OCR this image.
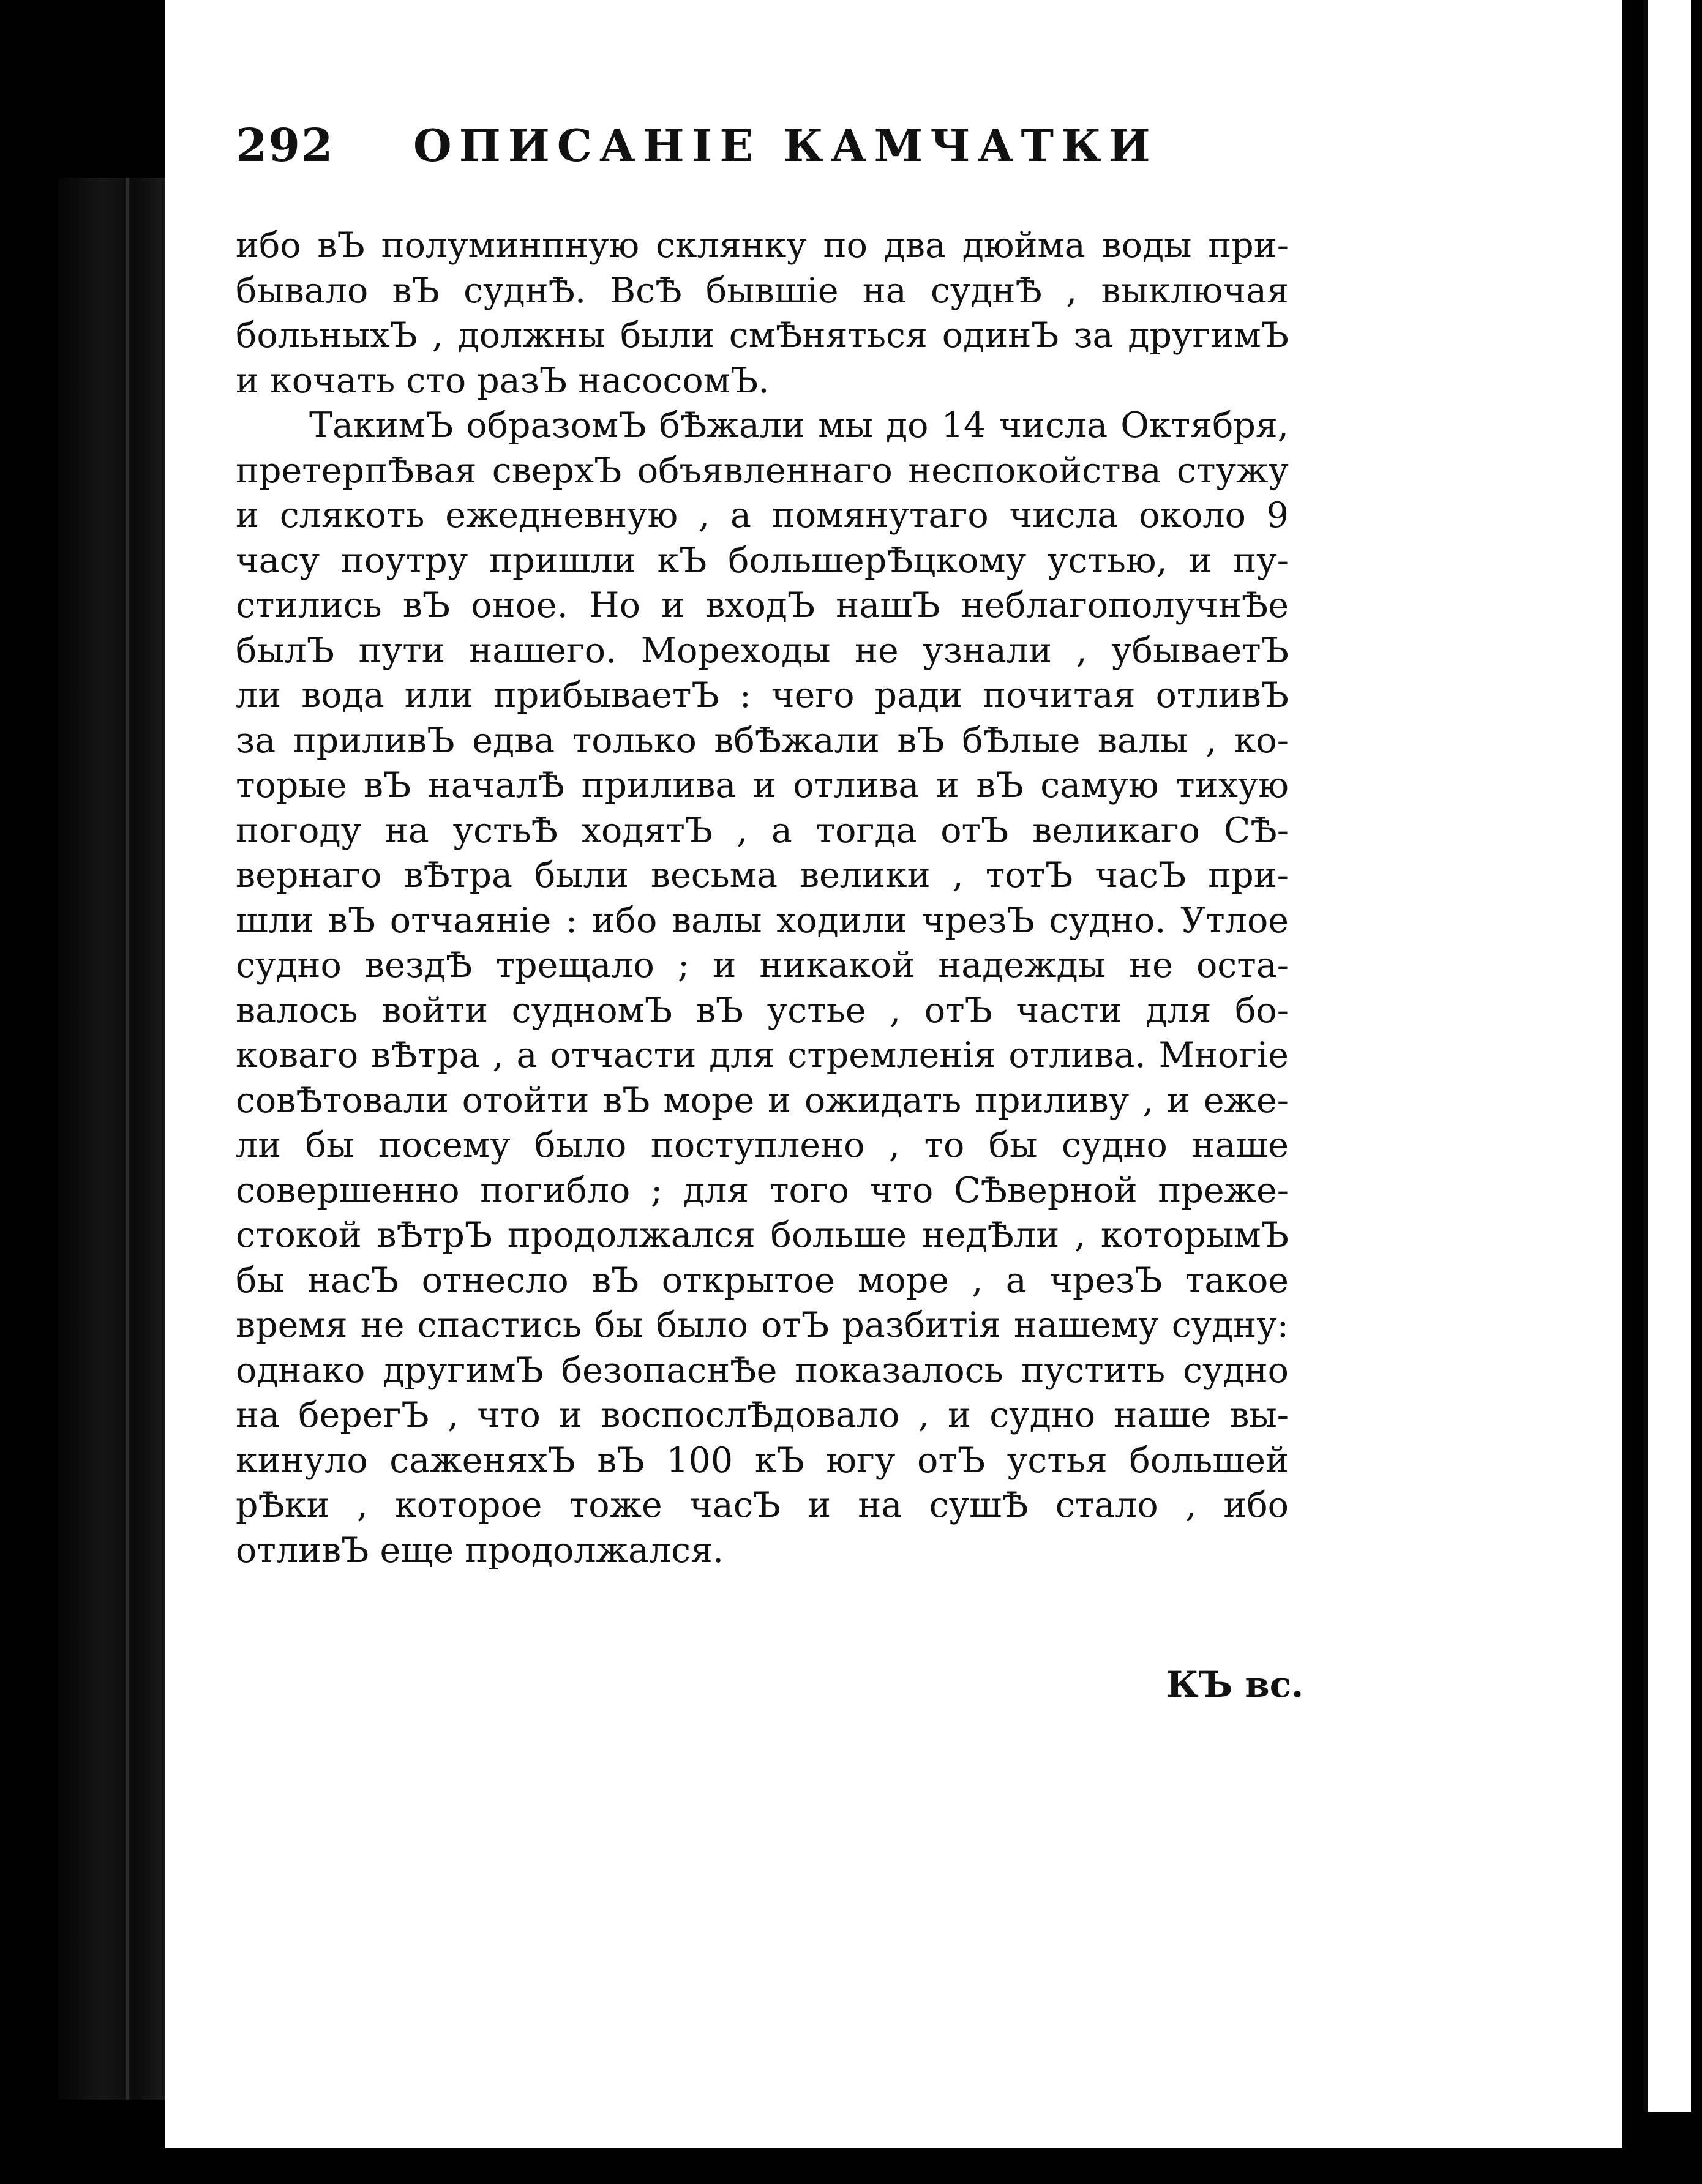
292 ОПИСАНІЕ КАМЧАТКИ
ибо вЪ полуминпную склянку по два дюйма воды при-
бывало вЪ суднѢ. ВсѢ бывшіе на суднѢ , выключая
больныхЪ , должны были смѢняться одинЪ за другимЪ
и кочать сто разЪ насосомЪ.
ТакимЪ образомЪ бѢжали мы до 14 числа Октября,
претерпѢвая сверхЪ объявленнаго неспокойства стужу
и слякоть ежедневную , а помянутаго числа около 9
часу поутру пришли кЪ большерѢцкому устью, и пу-
стились вЪ оное. Но и входЪ нашЪ неблагополучнѢе
былЪ пути нашего. Мореходы не узнали , убываетЪ
ли вода или прибываетЪ : чего ради почитая отливЪ
за приливЪ едва только вбѢжали вЪ бѢлые валы , ко-
торые вЪ началѢ прилива и отлива и вЪ самую тихую
погоду на устьѢ ходятЪ , а тогда отЪ великаго СѢ-
вернаго вѢтра были весьма велики , тотЪ часЪ при-
шли вЪ отчаяніе : ибо валы ходили чрезЪ судно. Утлое
судно вездѢ трещало ; и никакой надежды не оста-
валось войти судномЪ вЪ устье , отЪ части для бо-
коваго вѢтра , а отчасти для стремленія отлива. Многіе
совѢтовали отойти вЪ море и ожидать приливу , и еже-
ли бы посему было поступлено , то бы судно наше
совершенно погибло ; для того что СѢверной преже-
стокой вѢтрЪ продолжался больше недѢли , которымЪ
бы насЪ отнесло вЪ открытое море , а чрезЪ такое
время не спастись бы было отЪ разбитія нашему судну:
однако другимЪ безопаснѢе показалось пустить судно
на берегЪ , что и воспослѢдовало , и судно наше вы-
кинуло саженяхЪ вЪ 100 кЪ югу отЪ устья большей
рѢки , которое тоже часЪ и на сушѢ стало , ибо
отливЪ еще продолжался.
КЪ вс.
